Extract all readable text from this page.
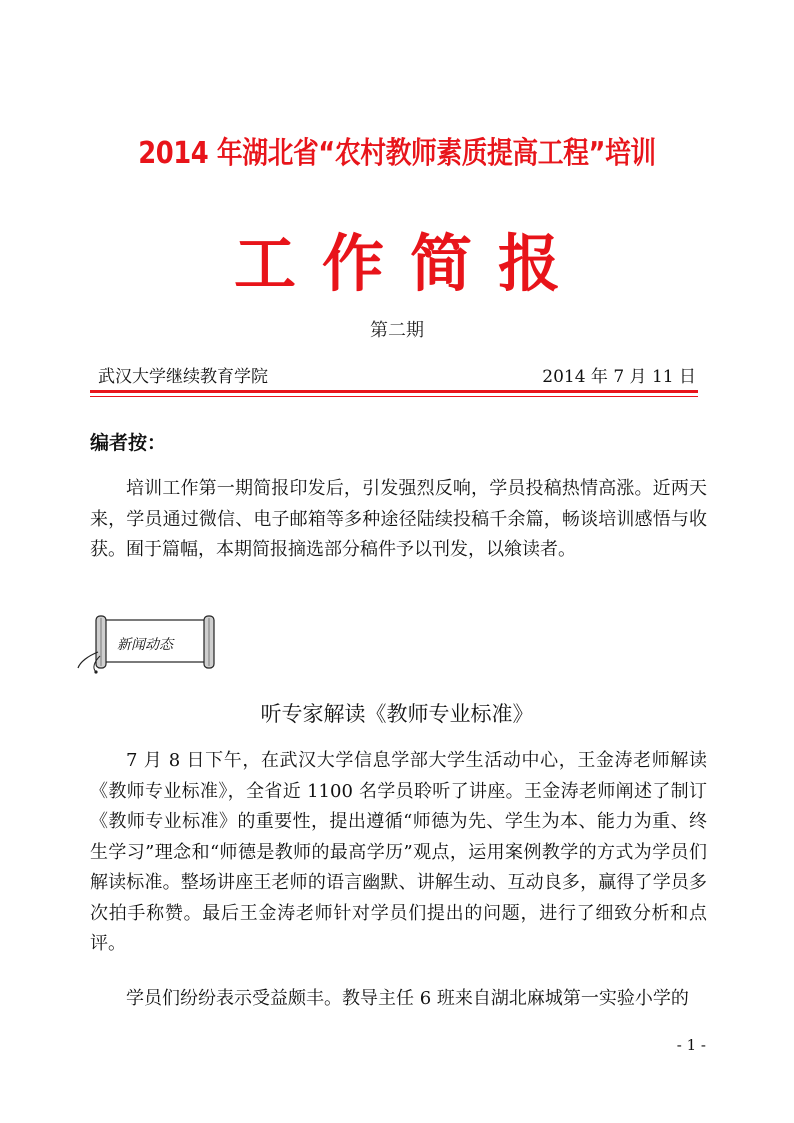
2014 年湖北省“农村教师素质提高工程”培训
工作简报
第二期
武汉大学继续教育学院	2014 年 7 月 11 日
编者按：

培训工作第一期简报印发后，引发强烈反响，学员投稿热情高涨。近两天来，学员通过微信、电子邮箱等多种途径陆续投稿千余篇，畅谈培训感悟与收获。囿于篇幅，本期简报摘选部分稿件予以刊发，以飨读者。

新闻动态
听专家解读《教师专业标准》

7 月 8 日下午，在武汉大学信息学部大学生活动中心，王金涛老师解读《教师专业标准》，全省近 1100 名学员聆听了讲座。王金涛老师阐述了制订《教师专业标准》的重要性，提出遵循“师德为先、学生为本、能力为重、终生学习”理念和“师德是教师的最高学历”观点，运用案例教学的方式为学员们解读标准。整场讲座王老师的语言幽默、讲解生动、互动良多，赢得了学员多次拍手称赞。最后王金涛老师针对学员们提出的问题，进行了细致分析和点评。

学员们纷纷表示受益颇丰。教导主任 6 班来自湖北麻城第一实验小学的

- 1 -
